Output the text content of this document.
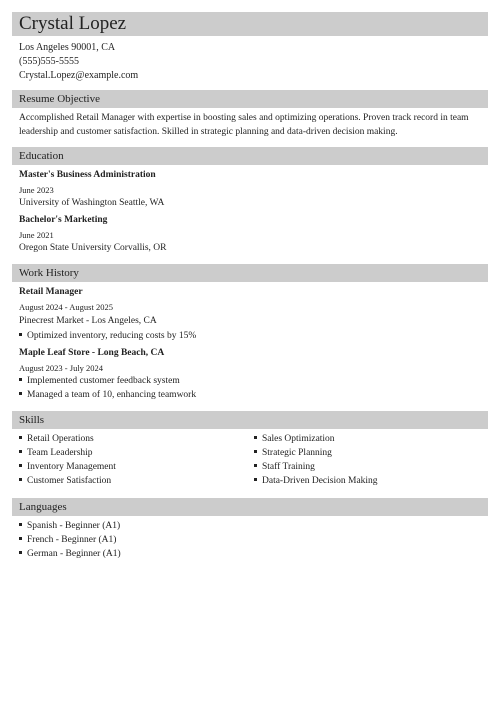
Crystal Lopez
Los Angeles 90001, CA
(555)555-5555
Crystal.Lopez@example.com
Resume Objective
Accomplished Retail Manager with expertise in boosting sales and optimizing operations. Proven track record in team leadership and customer satisfaction. Skilled in strategic planning and data-driven decision making.
Education
Master's Business Administration
June 2023
University of Washington Seattle, WA
Bachelor's Marketing
June 2021
Oregon State University Corvallis, OR
Work History
Retail Manager
August 2024 - August 2025
Pinecrest Market - Los Angeles, CA
Optimized inventory, reducing costs by 15%
Maple Leaf Store - Long Beach, CA
August 2023 - July 2024
Implemented customer feedback system
Managed a team of 10, enhancing teamwork
Skills
Retail Operations
Team Leadership
Inventory Management
Customer Satisfaction
Sales Optimization
Strategic Planning
Staff Training
Data-Driven Decision Making
Languages
Spanish - Beginner (A1)
French - Beginner (A1)
German - Beginner (A1)
